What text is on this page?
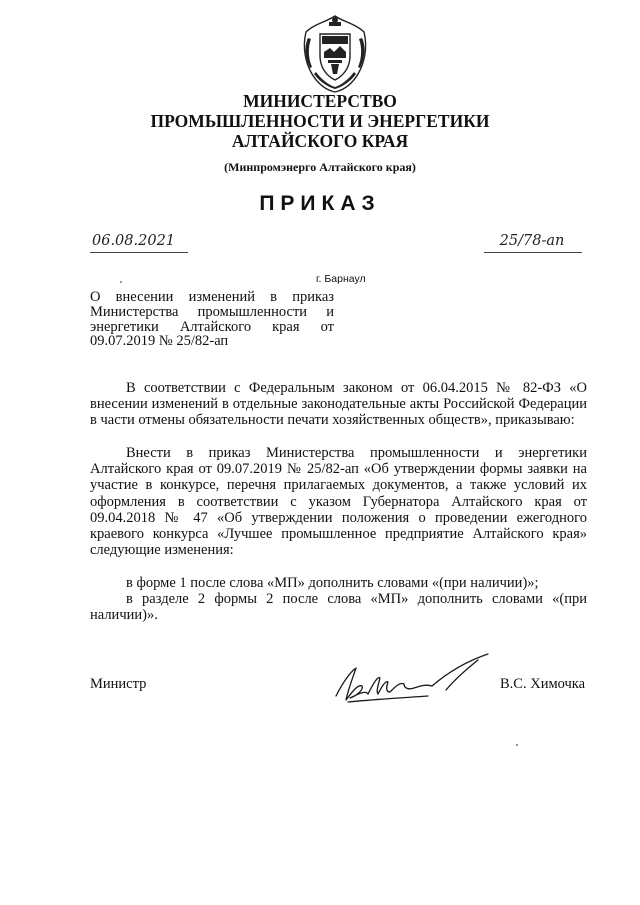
МИНИСТЕРСТВО
ПРОМЫШЛЕННОСТИ И ЭНЕРГЕТИКИ
АЛТАЙСКОГО КРАЯ
(Минпромэнерго Алтайского края)
ПРИКАЗ
06.08.2021	25/78-ап
г. Барнаул
О внесении изменений в приказ Министерства промышленности и энергетики Алтайского края от 09.07.2019 № 25/82-ап
В соответствии с Федеральным законом от 06.04.2015 № 82-ФЗ «О внесении изменений в отдельные законодательные акты Российской Федерации в части отмены обязательности печати хозяйственных обществ», приказываю:
Внести в приказ Министерства промышленности и энергетики Алтайского края от 09.07.2019 № 25/82-ап «Об утверждении формы заявки на участие в конкурсе, перечня прилагаемых документов, а также условий их оформления в соответствии с указом Губернатора Алтайского края от 09.04.2018 № 47 «Об утверждении положения о проведении ежегодного краевого конкурса «Лучшее промышленное предприятие Алтайского края» следующие изменения:
в форме 1 после слова «МП» дополнить словами «(при наличии)»;
в разделе 2 формы 2 после слова «МП» дополнить словами «(при наличии)».
Министр	В.С. Химочка
